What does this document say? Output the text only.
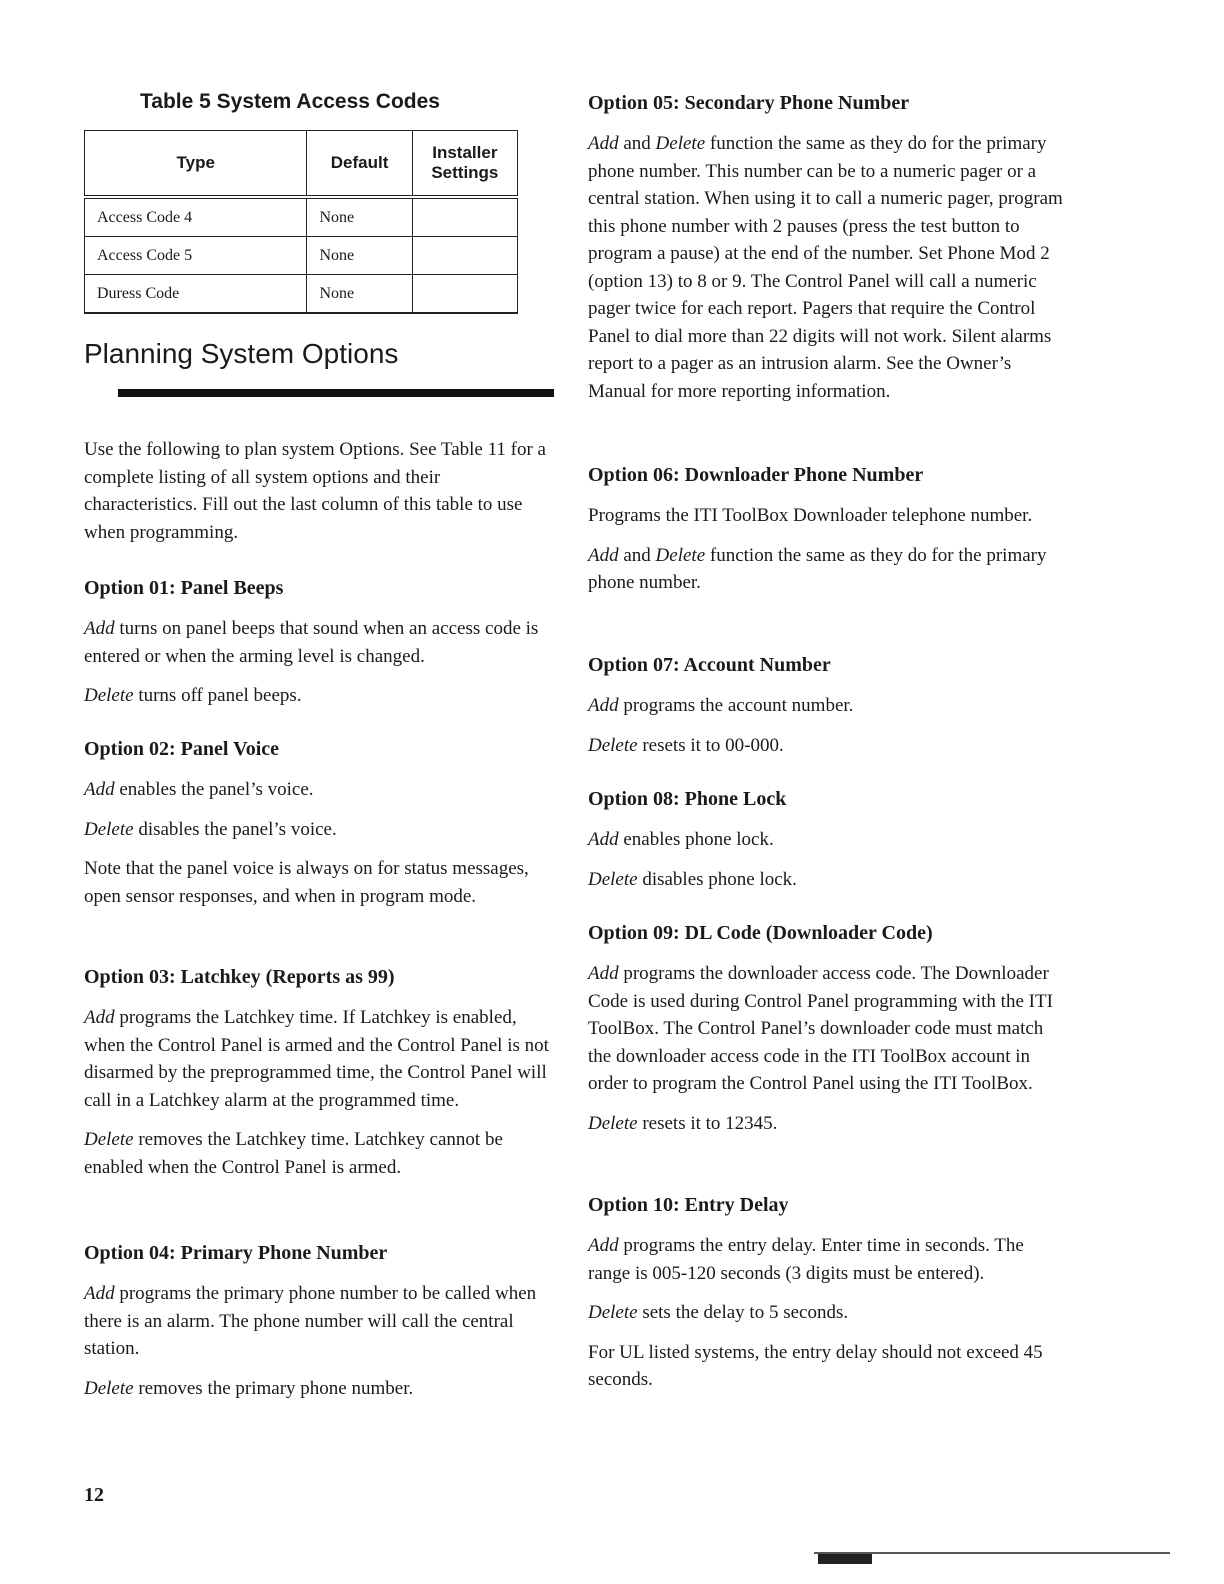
Table 5 System Access Codes
Type	Default	Installer Settings
Access Code 4	None	
Access Code 5	None	
Duress Code	None	
Planning System Options

Use the following to plan system Options. See Table 11 for a complete listing of all system options and their characteristics. Fill out the last column of this table to use when programming.

Option 01: Panel Beeps

Add turns on panel beeps that sound when an access code is entered or when the arming level is changed.

Delete turns off panel beeps.

Option 02: Panel Voice

Add enables the panel’s voice.

Delete disables the panel’s voice.

Note that the panel voice is always on for status messages, open sensor responses, and when in program mode.

Option 03: Latchkey (Reports as 99)

Add programs the Latchkey time. If Latchkey is enabled, when the Control Panel is armed and the Control Panel is not disarmed by the preprogrammed time, the Control Panel will call in a Latchkey alarm at the programmed time.

Delete removes the Latchkey time. Latchkey cannot be enabled when the Control Panel is armed.

Option 04: Primary Phone Number

Add programs the primary phone number to be called when there is an alarm. The phone number will call the central station.

Delete removes the primary phone number.

Option 05: Secondary Phone Number

Add and Delete function the same as they do for the primary phone number. This number can be to a numeric pager or a central station. When using it to call a numeric pager, program this phone number with 2 pauses (press the test button to program a pause) at the end of the number. Set Phone Mod 2 (option 13) to 8 or 9. The Control Panel will call a numeric pager twice for each report. Pagers that require the Control Panel to dial more than 22 digits will not work. Silent alarms report to a pager as an intrusion alarm. See the Owner’s Manual for more reporting information.

Option 06: Downloader Phone Number

Programs the ITI ToolBox Downloader telephone number.

Add and Delete function the same as they do for the primary phone number.

Option 07: Account Number

Add programs the account number.

Delete resets it to 00-000.

Option 08: Phone Lock

Add enables phone lock.

Delete disables phone lock.

Option 09: DL Code (Downloader Code)

Add programs the downloader access code. The Downloader Code is used during Control Panel programming with the ITI ToolBox. The Control Panel’s downloader code must match the downloader access code in the ITI ToolBox account in order to program the Control Panel using the ITI ToolBox.

Delete resets it to 12345.

Option 10: Entry Delay

Add programs the entry delay. Enter time in seconds. The range is 005-120 seconds (3 digits must be entered).

Delete sets the delay to 5 seconds.

For UL listed systems, the entry delay should not exceed 45 seconds.

12
